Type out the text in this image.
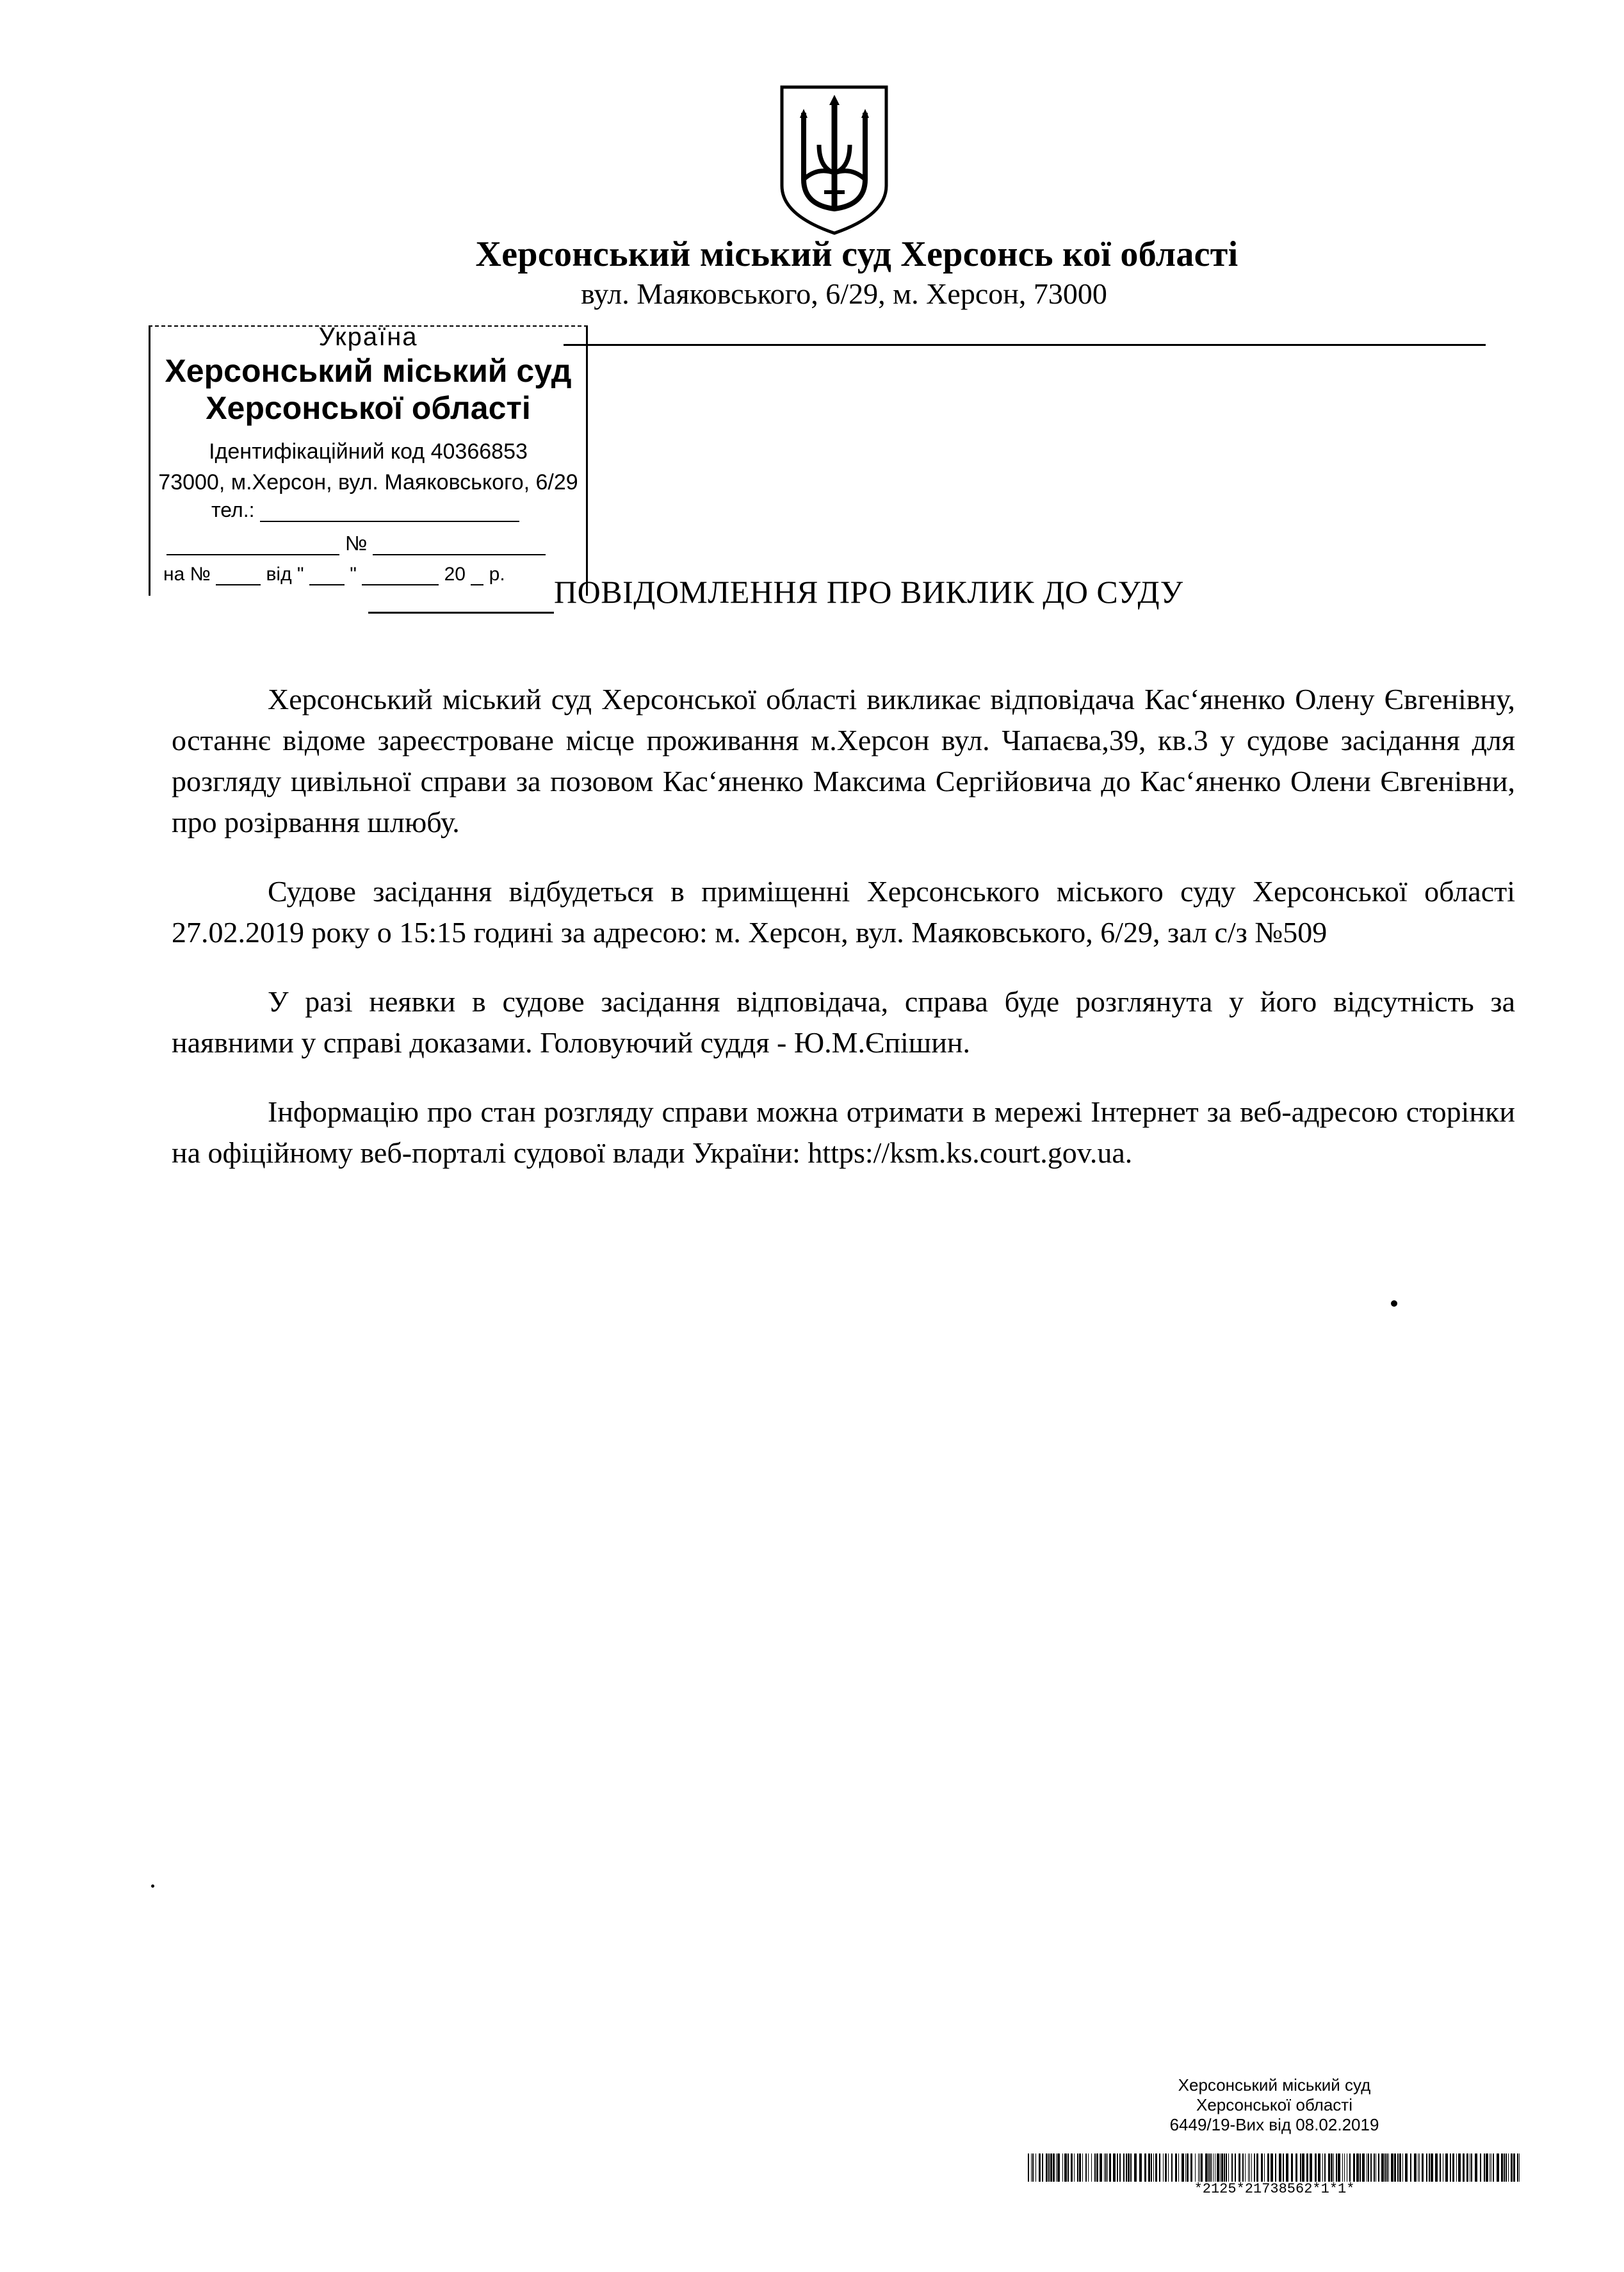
Херсонський міський суд Херсонсь кої області
вул. Маяковського, 6/29, м. Херсон, 73000
Україна
Херсонський міський суд Херсонської області
Ідентифікаційний код 40366853
73000, м.Херсон, вул. Маяковського, 6/29
тел.:
№
на №	від " "	20 р. ПОВІДОМЛЕННЯ ПРО ВИКЛИК ДО СУДУ

Херсонський міський суд Херсонської області викликає відповідача Кас‘яненко Олену Євгенівну, останнє відоме зареєстроване місце проживання м.Херсон вул. Чапаєва,39, кв.3 у судове засідання для розгляду цивільної справи за позовом Кас‘яненко Максима Сергійовича до Кас‘яненко Олени Євгенівни, про розірвання шлюбу.

Судове засідання відбудеться в приміщенні Херсонського міського суду Херсонської області 27.02.2019 року о 15:15 годині за адресою: м. Херсон, вул. Маяковського, 6/29, зал с/з №509

У разі неявки в судове засідання відповідача, справа буде розглянута у його відсутність за наявними у справі доказами. Головуючий суддя - Ю.М.Єпішин.

Інформацію про стан розгляду справи можна отримати в мережі Інтернет за веб-адресою сторінки на офіційному веб-порталі судової влади України: https://ksm.ks.court.gov.ua.

Херсонський міський суд
Херсонської області
6449/19-Вих від 08.02.2019
*2125*21738562*1*1*
